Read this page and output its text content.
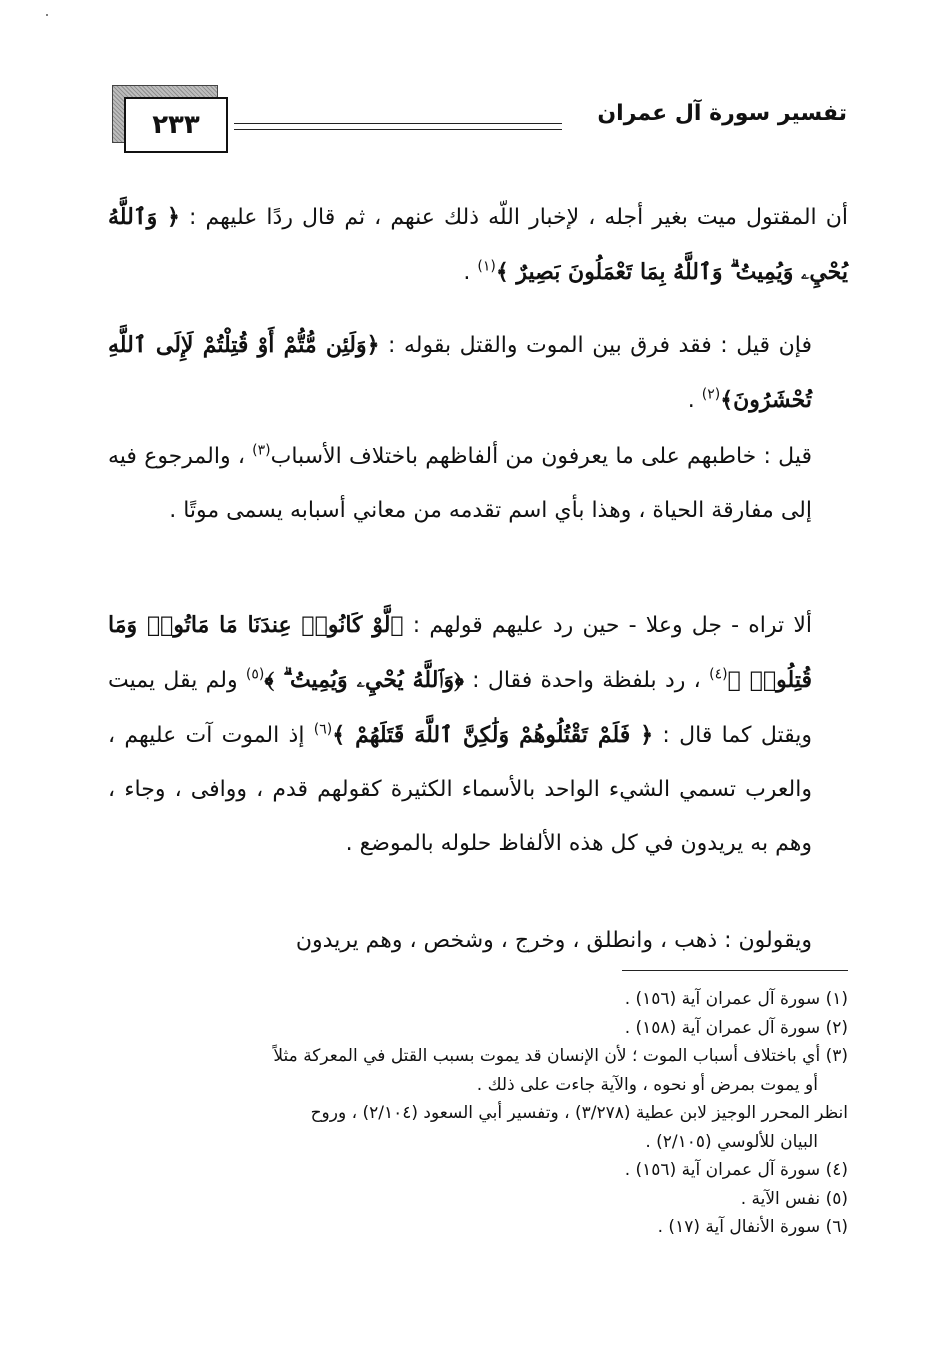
٢٣٣	تفسير سورة آل عمران

أن المقتول ميت بغير أجله ، لإخبار اللّه ذلك عنهم ، ثم قال ردًا عليهم : ﴿ وَٱللَّهُ يُحْيِۦ وَيُمِيتُ ۗ وَٱللَّهُ بِمَا تَعْمَلُونَ بَصِيرٌ ﴾$^{(١)}$ .

فإن قيل : فقد فرق بين الموت والقتل بقوله : ﴿وَلَئِن مُّتُّمْ أَوْ قُتِلْتُمْ لَإِلَى ٱللَّهِ تُحْشَرُونَ﴾$^{(٢)}$ .

قيل : خاطبهم على ما يعرفون من ألفاظهم باختلاف الأسباب$^{(٣)}$ ، والمرجوع فيه إلى مفارقة الحياة ، وهذا بأي اسم تقدمه من معاني أسبابه يسمى موتًا .

ألا تراه - جل وعلا - حين رد عليهم قولهم : ﴿لَّوْ كَانُوا۟ عِندَنَا مَا مَاتُوا۟ وَمَا قُتِلُوا۟ ﴾$^{(٤)}$ ، رد بلفظة واحدة فقال : ﴿وَٱللَّهُ يُحْيِۦ وَيُمِيتُ ۗ ﴾$^{(٥)}$ ولم يقل يميت ويقتل كما قال : ﴿ فَلَمْ تَقْتُلُوهُمْ وَلَٰكِنَّ ٱللَّهَ قَتَلَهُمْ ﴾$^{(٦)}$ إذ الموت آت عليهم ، والعرب تسمي الشيء الواحد بالأسماء الكثيرة كقولهم قدم ، ووافى ، وجاء ، وهم به يريدون في كل هذه الألفاظ حلوله بالموضع .

ويقولون : ذهب ، وانطلق ، وخرج ، وشخص ، وهم يريدون

(١) سورة آل عمران آية (١٥٦) .

(٢) سورة آل عمران آية (١٥٨) .

(٣) أي باختلاف أسباب الموت ؛ لأن الإنسان قد يموت بسبب القتل في المعركة مثلاً

أو يموت بمرض أو نحوه ، والآية جاءت على ذلك .

انظر المحرر الوجيز لابن عطية (٣/٢٧٨) ، وتفسير أبي السعود (٢/١٠٤) ، وروح

البيان للألوسي (٢/١٠٥) .

(٤) سورة آل عمران آية (١٥٦) .

(٥) نفس الآية .

(٦) سورة الأنفال آية (١٧) .
